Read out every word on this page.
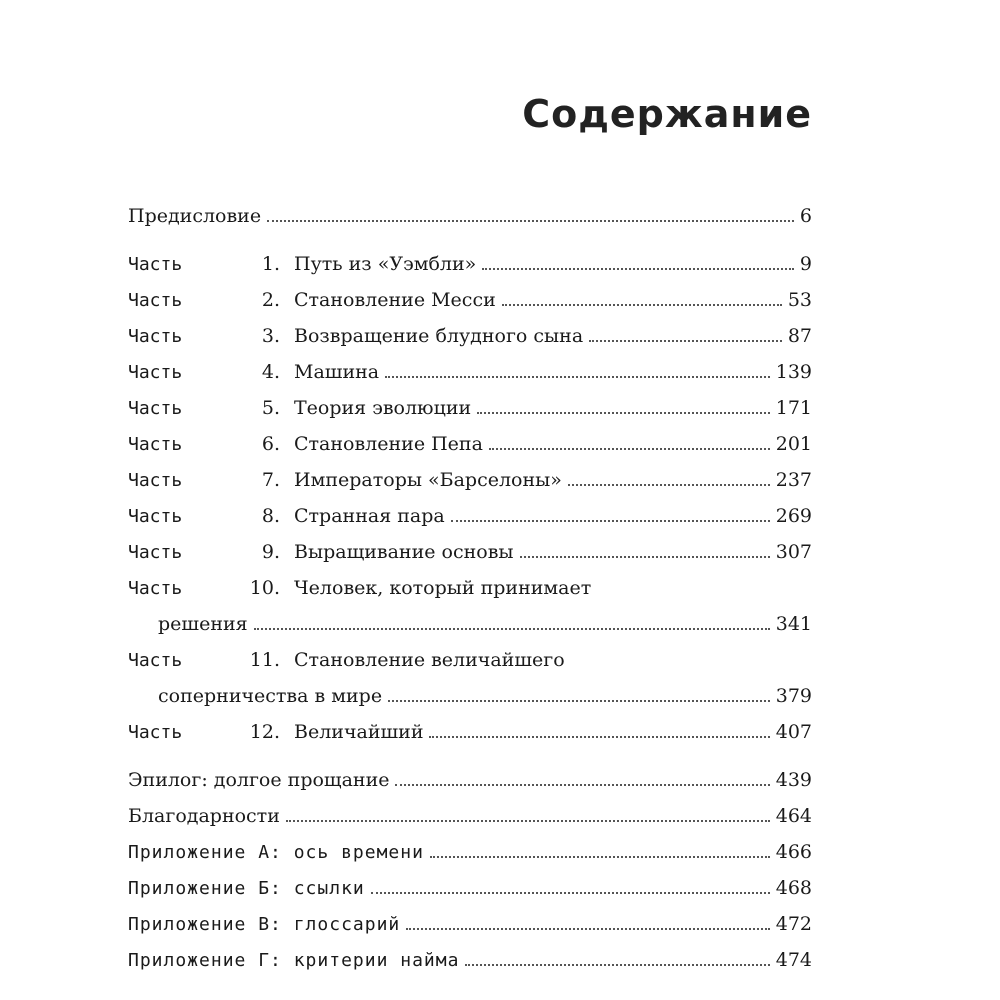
Содержание
Предисловие	6
Часть	1. Путь из «Уэмбли»	9
Часть	2. Становление Месси	53
Часть	3. Возвращение блудного сына	87
Часть	4. Машина	139
Часть	5. Теория эволюции	171
Часть	6. Становление Пепа	201
Часть	7. Императоры «Барселоны»	237
Часть	8. Странная пара	269
Часть	9. Выращивание основы	307
Часть	10. Человек, который принимает
решения	341
Часть	11. Становление величайшего
соперничества в мире	379
Часть	12. Величайший	407
Эпилог: долгое прощание	439
Благодарности	464
Приложение А: ось времени	466
Приложение Б: ссылки	468
Приложение В: глоссарий	472
Приложение Г: критерии найма	474
